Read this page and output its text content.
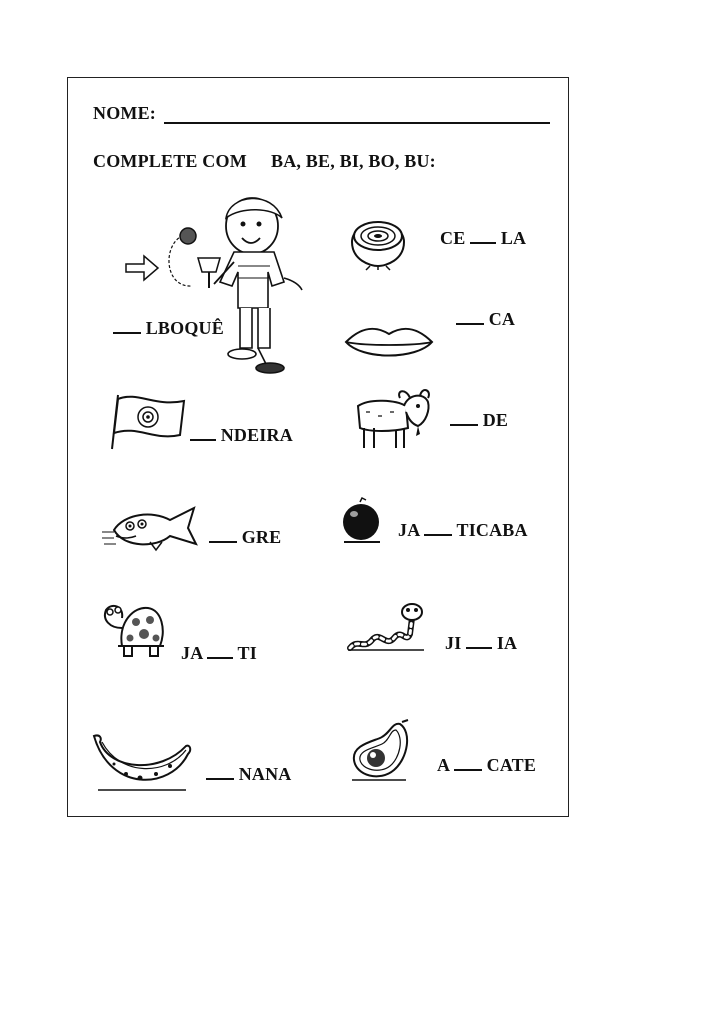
NOME:
COMPLETE COM BA, BE, BI, BO, BU:
LBOQUÊ
CE LA
CA
NDEIRA
DE
GRE	JA TICABA
JA TI	JI IA
NANA	A CATE
